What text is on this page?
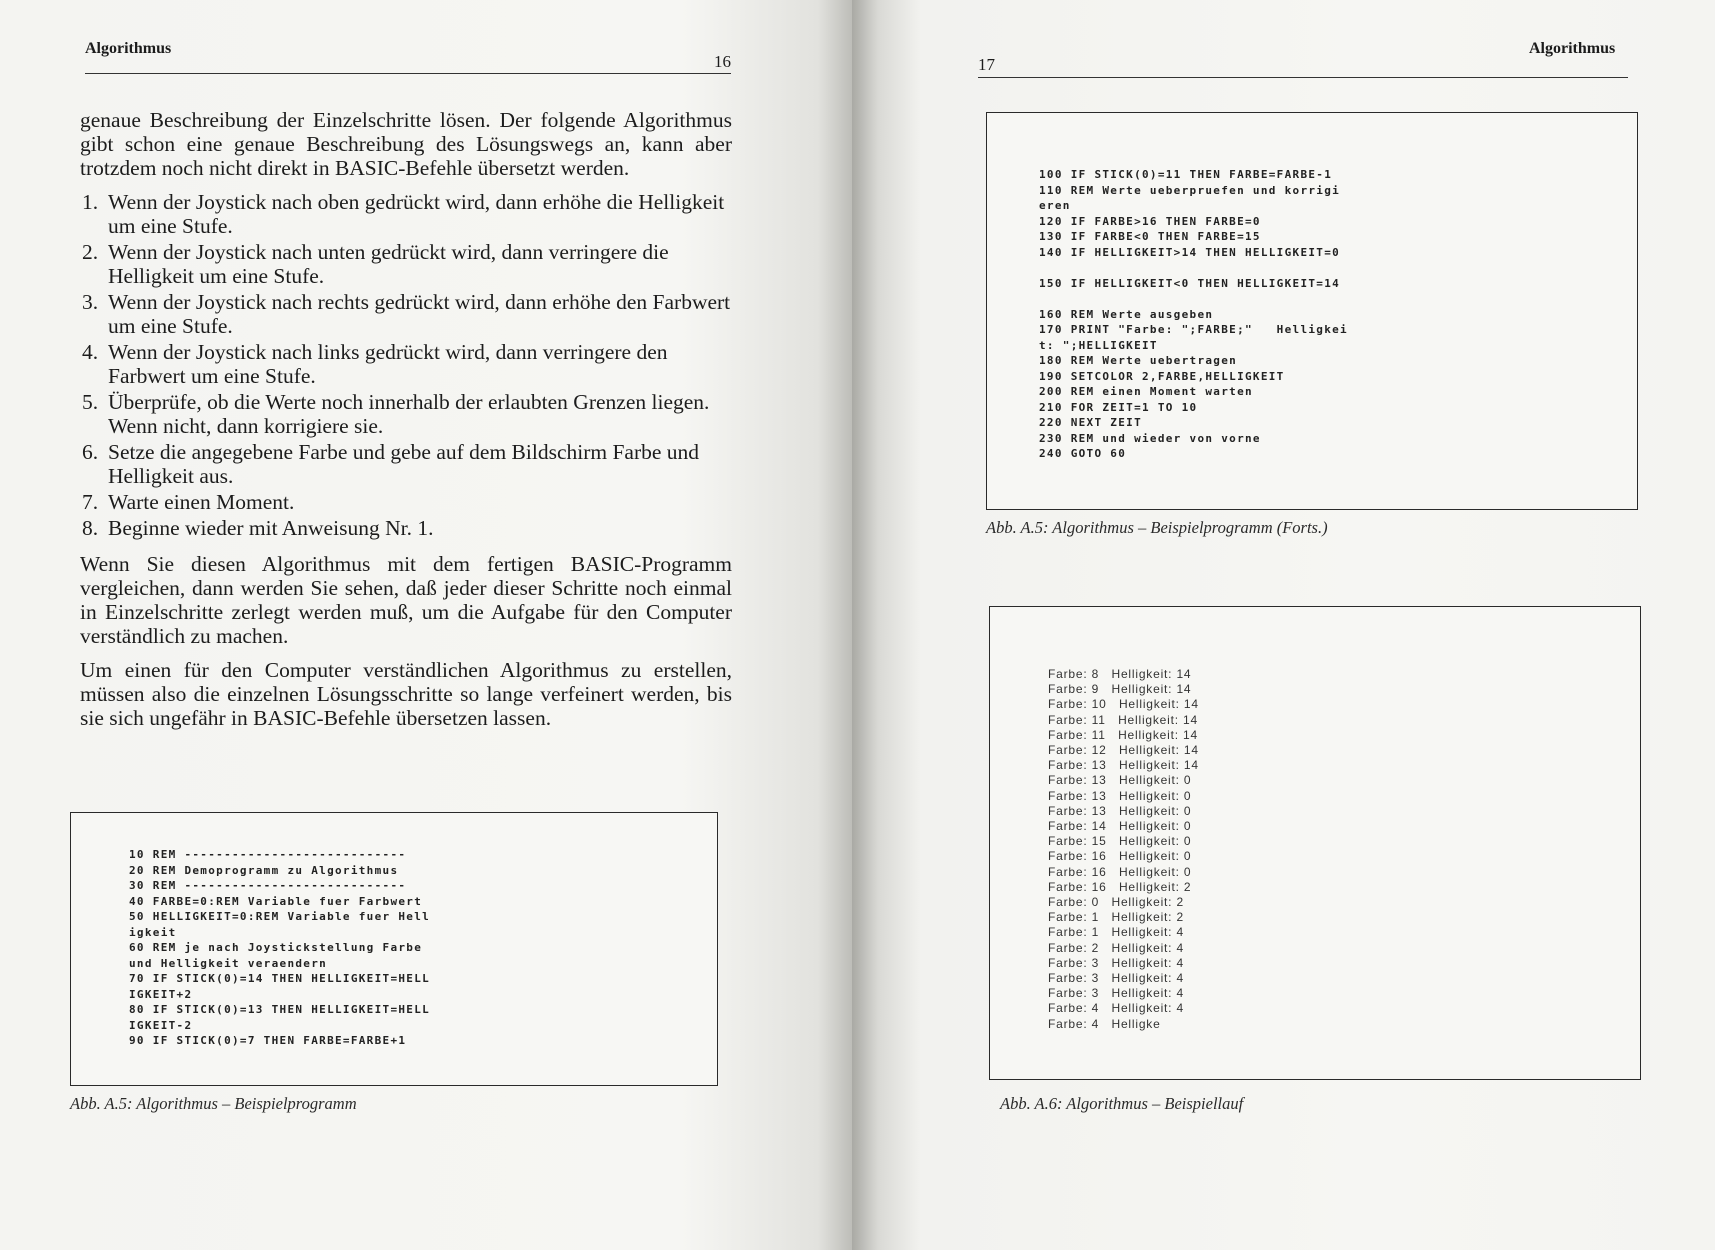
Algorithmus
16

genaue Beschreibung der Einzelschritte lösen. Der folgende Algorithmus gibt schon eine genaue Beschreibung des Lösungswegs an, kann aber trotzdem noch nicht direkt in BASIC-Befehle übersetzt werden.

1. Wenn der Joystick nach oben gedrückt wird, dann erhöhe die Helligkeit um eine Stufe.
2. Wenn der Joystick nach unten gedrückt wird, dann verringere die Helligkeit um eine Stufe.
3. Wenn der Joystick nach rechts gedrückt wird, dann erhöhe den Farbwert um eine Stufe.
4. Wenn der Joystick nach links gedrückt wird, dann verringere den Farbwert um eine Stufe.
5. Überprüfe, ob die Werte noch innerhalb der erlaubten Grenzen liegen. Wenn nicht, dann korrigiere sie.
6. Setze die angegebene Farbe und gebe auf dem Bildschirm Farbe und Helligkeit aus.
7. Warte einen Moment.
8. Beginne wieder mit Anweisung Nr. 1.

Wenn Sie diesen Algorithmus mit dem fertigen BASIC-Programm vergleichen, dann werden Sie sehen, daß jeder dieser Schritte noch einmal in Einzelschritte zerlegt werden muß, um die Aufgabe für den Computer verständlich zu machen.

Um einen für den Computer verständlichen Algorithmus zu erstellen, müssen also die einzelnen Lösungsschritte so lange verfeinert werden, bis sie sich ungefähr in BASIC-Befehle übersetzen lassen.

10 REM ----------------------------
20 REM Demoprogramm zu Algorithmus
30 REM ----------------------------
40 FARBE=0:REM Variable fuer Farbwert
50 HELLIGKEIT=0:REM Variable fuer Hell
igkeit
60 REM je nach Joystickstellung Farbe
und Helligkeit veraendern
70 IF STICK(0)=14 THEN HELLIGKEIT=HELL
IGKEIT+2
80 IF STICK(0)=13 THEN HELLIGKEIT=HELL
IGKEIT-2
90 IF STICK(0)=7 THEN FARBE=FARBE+1
Abb. A.5: Algorithmus – Beispielprogramm
17
Algorithmus
100 IF STICK(0)=11 THEN FARBE=FARBE-1
110 REM Werte ueberpruefen und korrigi
eren
120 IF FARBE>16 THEN FARBE=0
130 IF FARBE<0 THEN FARBE=15
140 IF HELLIGKEIT>14 THEN HELLIGKEIT=0

150 IF HELLIGKEIT<0 THEN HELLIGKEIT=14

160 REM Werte ausgeben
170 PRINT "Farbe: ";FARBE;"   Helligkei
t: ";HELLIGKEIT
180 REM Werte uebertragen
190 SETCOLOR 2,FARBE,HELLIGKEIT
200 REM einen Moment warten
210 FOR ZEIT=1 TO 10
220 NEXT ZEIT
230 REM und wieder von vorne
240 GOTO 60
Abb. A.5: Algorithmus – Beispielprogramm (Forts.)
Farbe: 8   Helligkeit: 14
Farbe: 9   Helligkeit: 14
Farbe: 10   Helligkeit: 14
Farbe: 11   Helligkeit: 14
Farbe: 11   Helligkeit: 14
Farbe: 12   Helligkeit: 14
Farbe: 13   Helligkeit: 14
Farbe: 13   Helligkeit: 0
Farbe: 13   Helligkeit: 0
Farbe: 13   Helligkeit: 0
Farbe: 14   Helligkeit: 0
Farbe: 15   Helligkeit: 0
Farbe: 16   Helligkeit: 0
Farbe: 16   Helligkeit: 0
Farbe: 16   Helligkeit: 2
Farbe: 0   Helligkeit: 2
Farbe: 1   Helligkeit: 2
Farbe: 1   Helligkeit: 4
Farbe: 2   Helligkeit: 4
Farbe: 3   Helligkeit: 4
Farbe: 3   Helligkeit: 4
Farbe: 3   Helligkeit: 4
Farbe: 4   Helligkeit: 4
Farbe: 4   Helligke
Abb. A.6: Algorithmus – Beispiellauf
